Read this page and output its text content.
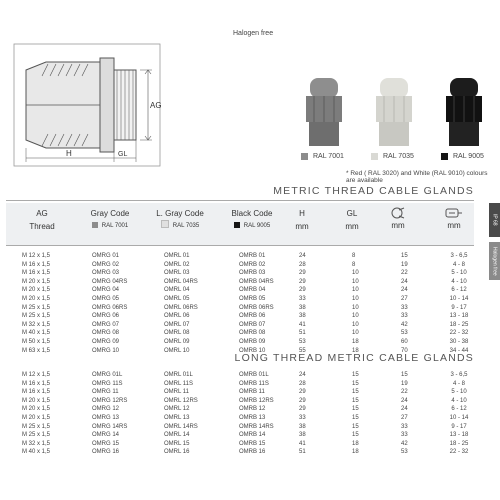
Halogen free
AG
H	GL	RAL 7001	RAL 7035	RAL 9005
* Red ( RAL 3020) and White (RAL 9010) colours are available
METRIC THREAD CABLE GLANDS
AG
Thread
Gray Code
RAL 7001
L. Gray Code
RAL 7035
Black Code
RAL 9005
H
mm
GL
mm	mm	mm	IP 68
Halogen free
M 12 x 1,5	OMRG 01	OMRL 01	OMRB 01	24	8	15	3 - 6,5
M 16 x 1,5	OMRG 02	OMRL 02	OMRB 02	28	8	19	4 - 8
M 16 x 1,5	OMRG 03	OMRL 03	OMRB 03	29	10	22	5 - 10
M 20 x 1,5	OMRG 04RS	OMRL 04RS	OMRB 04RS	29	10	24	4 - 10
M 20 x 1,5	OMRG 04	OMRL 04	OMRB 04	29	10	24	6 - 12
M 20 x 1,5	OMRG 05	OMRL 05	OMRB 05	33	10	27	10 - 14
M 25 x 1,5	OMRG 06RS	OMRL 06RS	OMRB 06RS	38	10	33	9 - 17
M 25 x 1,5	OMRG 06	OMRL 06	OMRB 06	38	10	33	13 - 18
M 32 x 1,5	OMRG 07	OMRL 07	OMRB 07	41	10	42	18 - 25
M 40 x 1,5	OMRG 08	OMRL 08	OMRB 08	51	10	53	22 - 32
M 50 x 1,5	OMRG 09	OMRL 09	OMRB 09	53	18	60	30 - 38
M 63 x 1,5	OMRG 10	OMRL 10	OMRB 10	55	18	70	34 - 44
LONG THREAD METRIC CABLE GLANDS
M 12 x 1,5	OMRG 01L	OMRL 01L	OMRB 01L	24	15	15	3 - 6,5
M 16 x 1,5	OMRG 11S	OMRL 11S	OMRB 11S	28	15	19	4 - 8
M 16 x 1,5	OMRG 11	OMRL 11	OMRB 11	29	15	22	5 - 10
M 20 x 1,5	OMRG 12RS	OMRL 12RS	OMRB 12RS	29	15	24	4 - 10
M 20 x 1,5	OMRG 12	OMRL 12	OMRB 12	29	15	24	6 - 12
M 20 x 1,5	OMRG 13	OMRL 13	OMRB 13	33	15	27	10 - 14
M 25 x 1,5	OMRG 14RS	OMRL 14RS	OMRB 14RS	38	15	33	9 - 17
M 25 x 1,5	OMRG 14	OMRL 14	OMRB 14	38	15	33	13 - 18
M 32 x 1,5	OMRG 15	OMRL 15	OMRB 15	41	18	42	18 - 25
M 40 x 1,5	OMRG 16	OMRL 16	OMRB 16	51	18	53	22 - 32
